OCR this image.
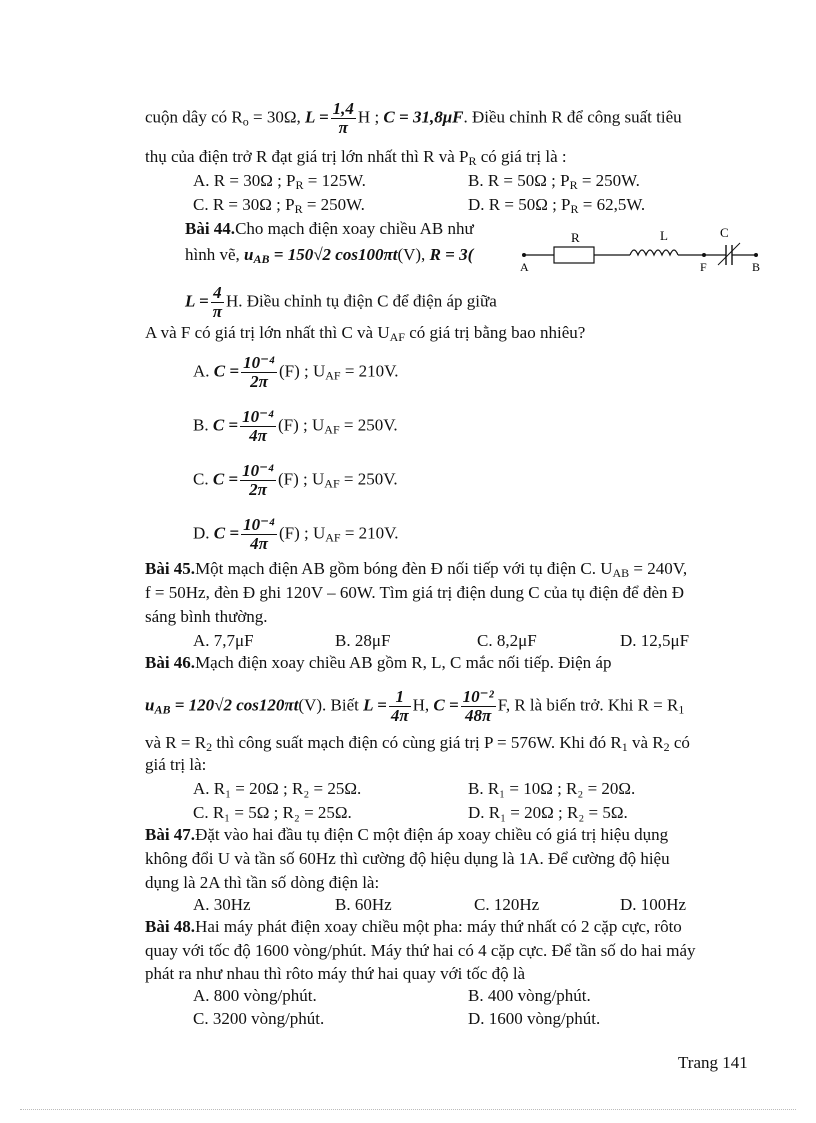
cuộn dây có $R_o = 30\Omega$, $L = \frac{1,4}{\pi}$ H ; C = 31,8μF. Điều chỉnh R để công suất tiêu
thụ của điện trở R đạt giá trị lớn nhất thì R và $P_R$ có giá trị là :
A. R = 30Ω ; $P_R = 125W$.	B. R = 50Ω ; $P_R = 250W$.
C. R = 30Ω ; $P_R = 250W$.	D. R = 50Ω ; $P_R = 62,5W$.
Bài 44.Cho mạch điện xoay chiều AB như
hình vẽ, $u_{AB} = 150√2$ cos100πt(V), R = 3(
R	L	C
A	F	B
$L = \frac{4}{\pi} H$. Điều chỉnh tụ điện C để điện áp giữa
A và F có giá trị lớn nhất thì C và $U_{AF}$ có giá trị bằng bao nhiêu?
A. $C = \frac{\text{10⁻⁴}}{2\pi} (F)$ ; $U_{AF} = 210V$.
B. $C = \frac{\text{10⁻⁴}}{4\pi} (F)$ ; $U_{AF} = 250V$.
C. $C = \frac{\text{10⁻⁴}}{2\pi} (F)$ ; $U_{AF} = 250V$.
D. $C = \frac{\text{10⁻⁴}}{4\pi} (F)$ ; $U_{AF} = 210V$.
Bài 45.Một mạch điện AB gồm bóng đèn Đ nối tiếp với tụ điện C. $U_{AB} = 240V$,
f = 50Hz, đèn Đ ghi 120V – 60W. Tìm giá trị điện dung C của tụ điện để đèn Đ
sáng bình thường.
A. 7,7μF	B. 28μF	C. 8,2μF	D. 12,5μF
Bài 46.Mạch điện xoay chiều AB gồm R, L, C mắc nối tiếp. Điện áp
$u_{AB} = 120√2$ cos120πt(V). Biết $L = \frac{1}{4\pi} H$, $C = \frac{\text{10⁻²}}{48\pi} F$, R là biến trở. Khi $R = R_1$
và $R = R_2$ thì công suất mạch điện có cùng giá trị P = 576W. Khi đó $R_1$ và $R_2$ có
giá trị là:
A. R₁ = 20Ω ; R₂ = 25Ω.	B. R₁ = 10Ω ; R₂ = 20Ω.
C. R₁ = 5Ω ; R₂ = 25Ω.	D. R₁ = 20Ω ; R₂ = 5Ω.
Bài 47.Đặt vào hai đầu tụ điện C một điện áp xoay chiều có giá trị hiệu dụng
không đổi U và tần số 60Hz thì cường độ hiệu dụng là 1A. Để cường độ hiệu
dụng là 2A thì tần số dòng điện là:
A. 30Hz	B. 60Hz	C. 120Hz	D. 100Hz
Bài 48.Hai máy phát điện xoay chiều một pha: máy thứ nhất có 2 cặp cực, rôto
quay với tốc độ 1600 vòng/phút. Máy thứ hai có 4 cặp cực. Để tần số do hai máy
phát ra như nhau thì rôto máy thứ hai quay với tốc độ là
A. 800 vòng/phút.	B. 400 vòng/phút.
C. 3200 vòng/phút.	D. 1600 vòng/phút.
Trang 141
